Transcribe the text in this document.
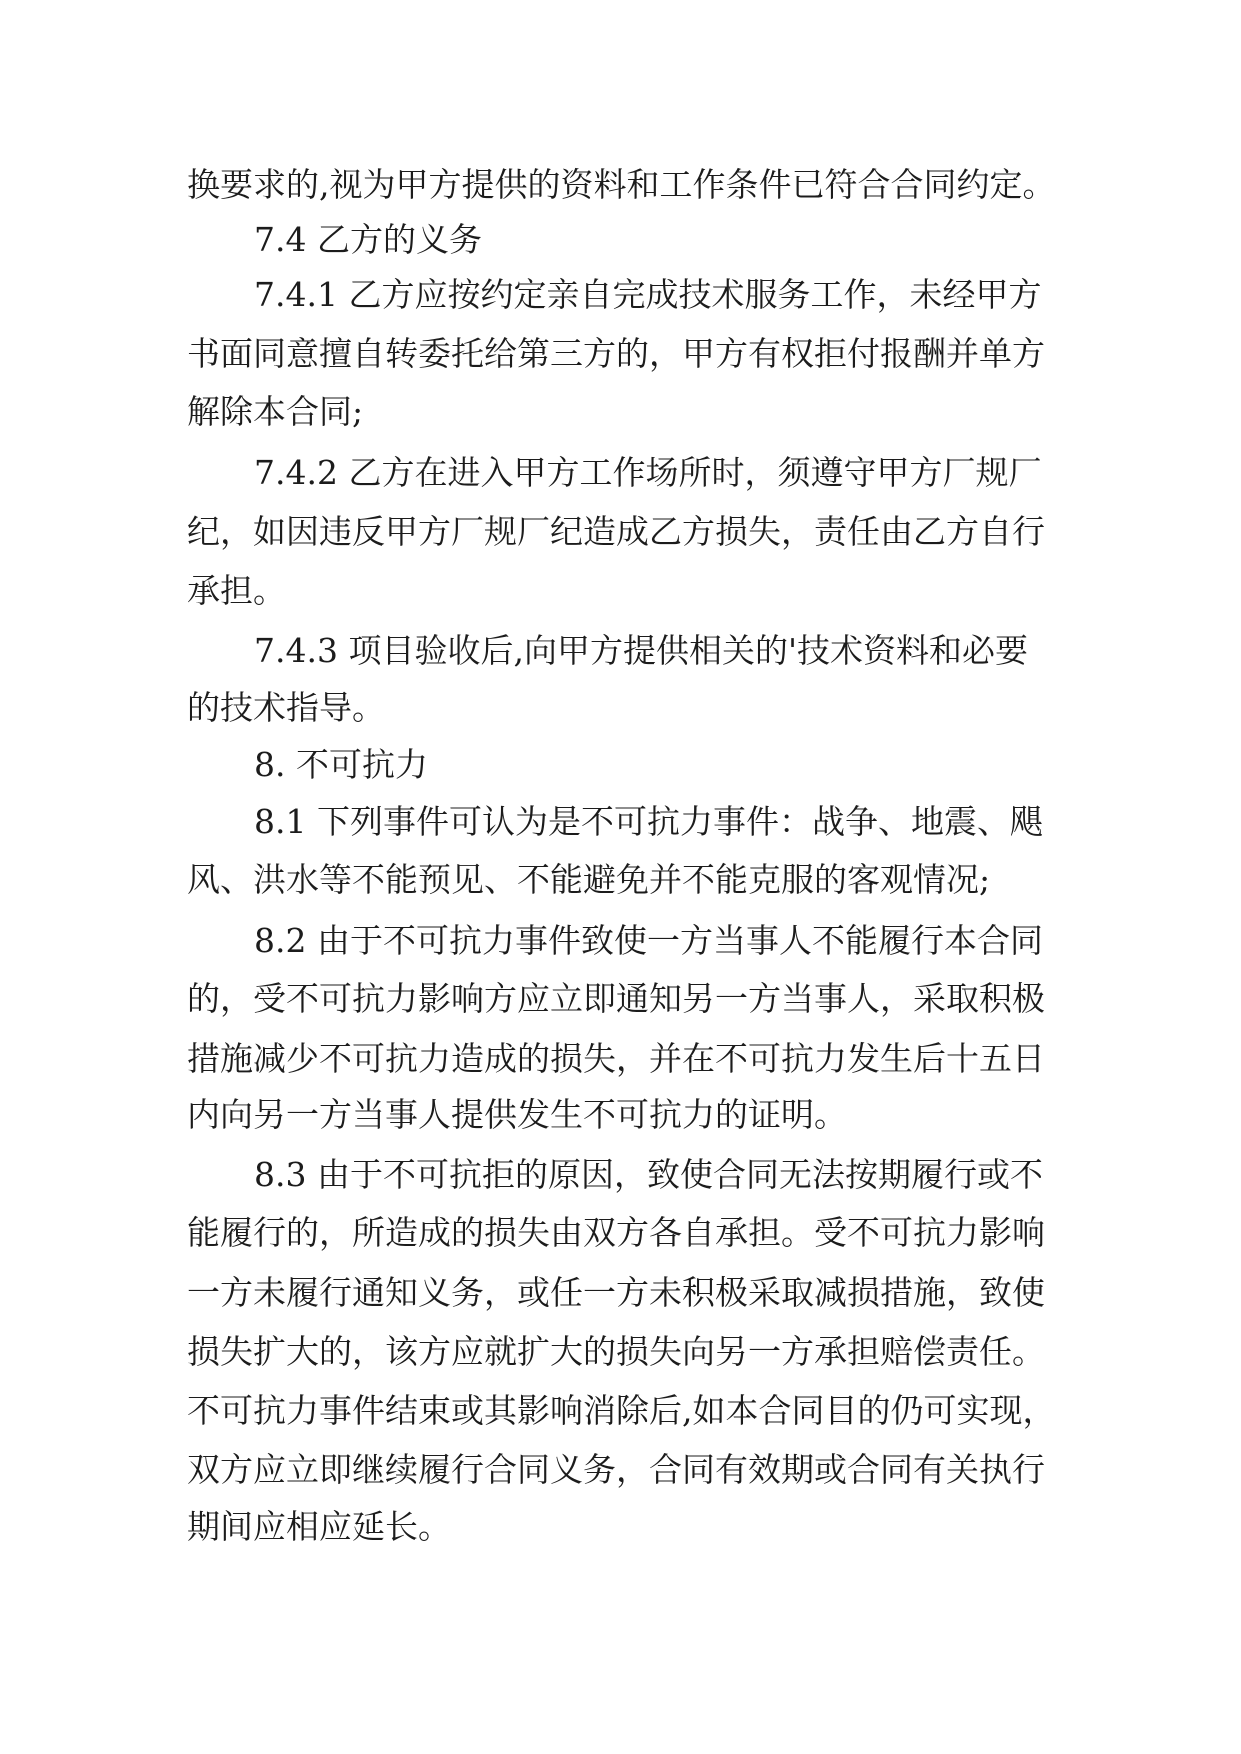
换要求的,视为甲方提供的资料和工作条件已符合合同约定。
7.4 乙方的义务
7.4.1 乙方应按约定亲自完成技术服务工作，未经甲方
书面同意擅自转委托给第三方的，甲方有权拒付报酬并单方
解除本合同;
7.4.2 乙方在进入甲方工作场所时，须遵守甲方厂规厂
纪，如因违反甲方厂规厂纪造成乙方损失，责任由乙方自行
承担。
7.4.3 项目验收后,向甲方提供相关的'技术资料和必要
的技术指导。
8. 不可抗力
8.1 下列事件可认为是不可抗力事件：战争、地震、飓
风、洪水等不能预见、不能避免并不能克服的客观情况;
8.2 由于不可抗力事件致使一方当事人不能履行本合同
的，受不可抗力影响方应立即通知另一方当事人，采取积极
措施减少不可抗力造成的损失，并在不可抗力发生后十五日
内向另一方当事人提供发生不可抗力的证明。
8.3 由于不可抗拒的原因，致使合同无法按期履行或不
能履行的，所造成的损失由双方各自承担。受不可抗力影响
一方未履行通知义务，或任一方未积极采取减损措施，致使
损失扩大的，该方应就扩大的损失向另一方承担赔偿责任。
不可抗力事件结束或其影响消除后,如本合同目的仍可实现，
双方应立即继续履行合同义务，合同有效期或合同有关执行
期间应相应延长。
